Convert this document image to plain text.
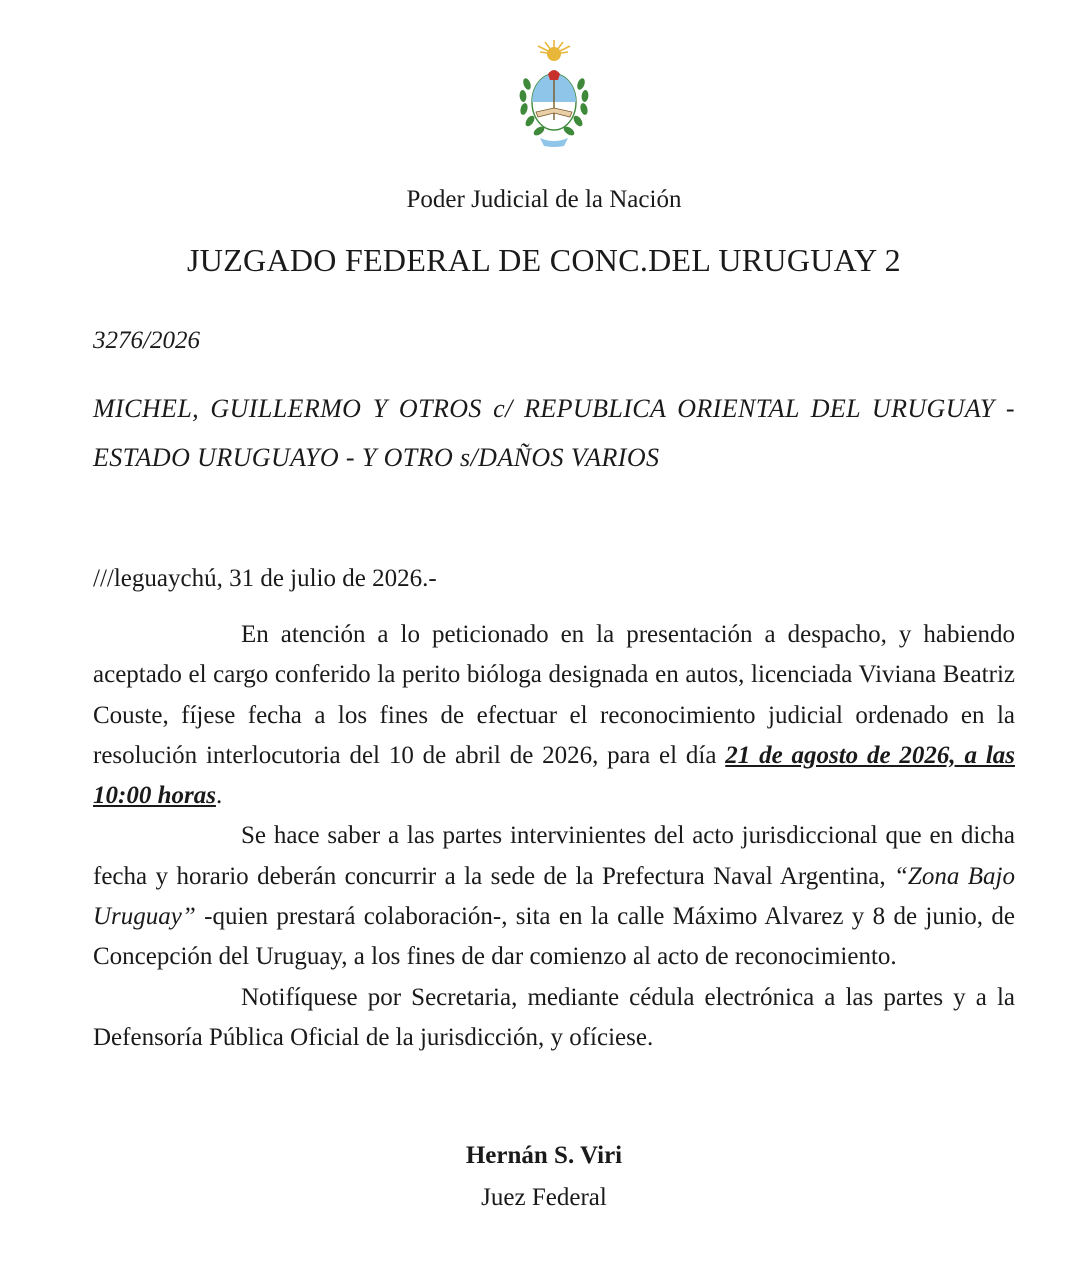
Poder Judicial de la Nación
JUZGADO FEDERAL DE CONC.DEL URUGUAY 2
3276/2026

MICHEL, GUILLERMO Y OTROS c/ REPUBLICA ORIENTAL DEL URUGUAY - ESTADO URUGUAYO - Y OTRO s/DAÑOS VARIOS

///leguaychú, 31 de julio de 2026.-

En atención a lo peticionado en la presentación a despacho, y habiendo aceptado el cargo conferido la perito bióloga designada en autos, licenciada Viviana Beatriz Couste, fíjese fecha a los fines de efectuar el reconocimiento judicial ordenado en la resolución interlocutoria del 10 de abril de 2026, para el día 21 de agosto de 2026, a las 10:00 horas.

Se hace saber a las partes intervinientes del acto jurisdiccional que en dicha fecha y horario deberán concurrir a la sede de la Prefectura Naval Argentina, “Zona Bajo Uruguay” -quien prestará colaboración-, sita en la calle Máximo Alvarez y 8 de junio, de Concepción del Uruguay, a los fines de dar comienzo al acto de reconocimiento.

Notifíquese por Secretaria, mediante cédula electrónica a las partes y a la Defensoría Pública Oficial de la jurisdicción, y ofíciese.

Hernán S. Viri
Juez Federal
